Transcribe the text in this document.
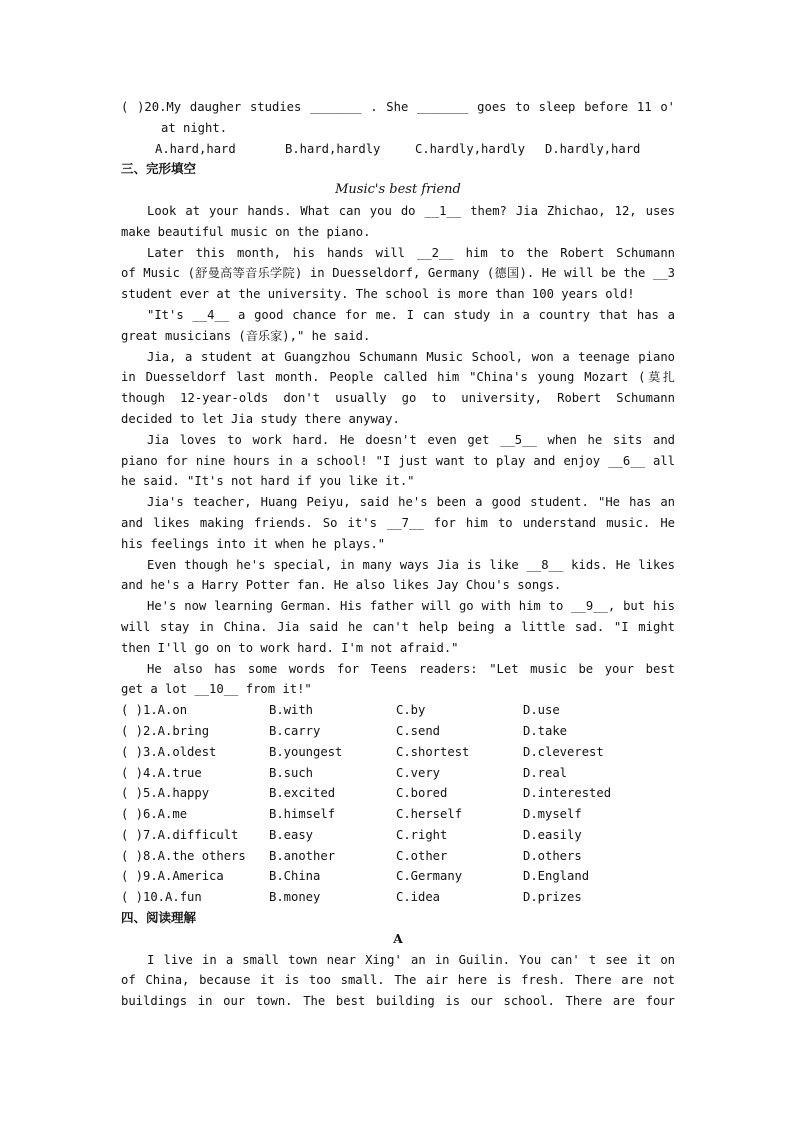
( )20.My daugher studies _______ . She _______ goes to sleep before 11 o'
at night.
A.hard,hard	B.hard,hardly	C.hardly,hardly	D.hardly,hard
三、完形填空
Music's best friend
Look at your hands. What can you do __1__ them? Jia Zhichao, 12, uses
make beautiful music on the piano.
Later this month, his hands will __2__ him to the Robert Schumann
of Music (舒曼高等音乐学院) in Duesseldorf, Germany (德国). He will be the __3
student ever at the university. The school is more than 100 years old!
"It's __4__ a good chance for me. I can study in a country that has a
great musicians (音乐家)," he said.
Jia, a student at Guangzhou Schumann Music School, won a teenage piano
in Duesseldorf last month. People called him "China's young Mozart (莫扎
though 12-year-olds don't usually go to university, Robert Schumann
decided to let Jia study there anyway.
Jia loves to work hard. He doesn't even get __5__ when he sits and
piano for nine hours in a school! "I just want to play and enjoy __6__ all
he said. "It's not hard if you like it."
Jia's teacher, Huang Peiyu, said he's been a good student. "He has an
and likes making friends. So it's __7__ for him to understand music. He
his feelings into it when he plays."
Even though he's special, in many ways Jia is like __8__ kids. He likes
and he's a Harry Potter fan. He also likes Jay Chou's songs.
He's now learning German. His father will go with him to __9__, but his
will stay in China. Jia said he can't help being a little sad. "I might
then I'll go on to work hard. I'm not afraid."
He also has some words for Teens readers: "Let music be your best
get a lot __10__ from it!"
( )1.A.on	B.with	C.by	D.use
( )2.A.bring	B.carry	C.send	D.take
( )3.A.oldest	B.youngest	C.shortest	D.cleverest
( )4.A.true	B.such	C.very	D.real
( )5.A.happy	B.excited	C.bored	D.interested
( )6.A.me	B.himself	C.herself	D.myself
( )7.A.difficult	B.easy	C.right	D.easily
( )8.A.the others	B.another	C.other	D.others
( )9.A.America	B.China	C.Germany	D.England
( )10.A.fun	B.money	C.idea	D.prizes
四、阅读理解
A
I live in a small town near Xing' an in Guilin. You can' t see it on
of China, because it is too small. The air here is fresh. There are not
buildings in our town. The best building is our school. There are four
